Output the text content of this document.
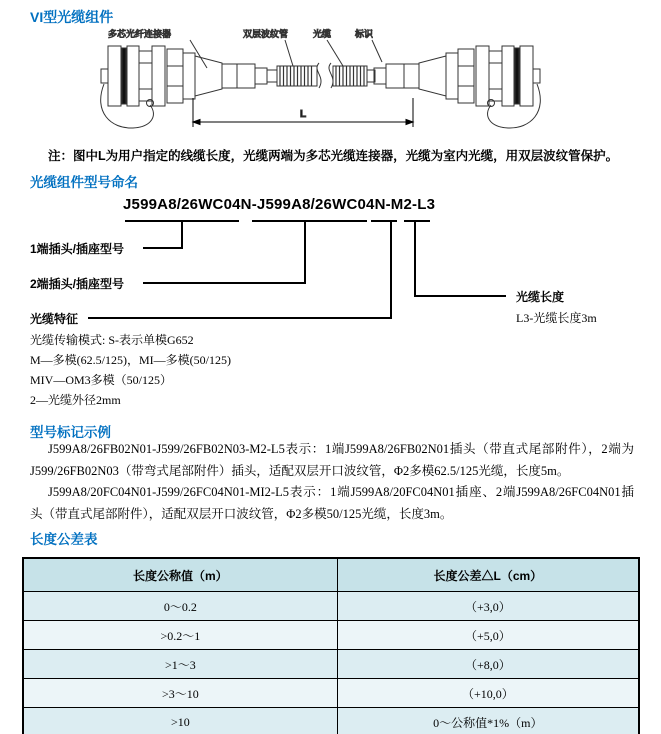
VI型光缆组件
多芯光纤连接器	双层波纹管	光缆	标识
L
注：图中L为用户指定的线缆长度，光缆两端为多芯光缆连接器，光缆为室内光缆，用双层波纹管保护。
光缆组件型号命名
J599A8/26WC04N-J599A8/26WC04N-M2-L3
1端插头/插座型号
2端插头/插座型号
光缆特征
光缆长度
L3-光缆长度3m
光缆传输模式: S-表示单模G652
M—多模(62.5/125)，MI—多模(50/125)
MIV—OM3多模（50/125）
2—光缆外径2mm
型号标记示例

J599A8/26FB02N01-J599/26FB02N03-M2-L5表示：1端J599A8/26FB02N01插头（带直式尾部附件），2端为J599/26FB02N03（带弯式尾部附件）插头，适配双层开口波纹管，Φ2多模62.5/125光缆，长度5m。

J599A8/20FC04N01-J599/26FC04N01-MI2-L5表示：1端J599A8/20FC04N01插座、2端J599A8/26FC04N01插头（带直式尾部附件），适配双层开口波纹管，Φ2多模50/125光缆，长度3m。

长度公差表
长度公称值（m）	长度公差△L（cm）
0～0.2	（+3,0）
>0.2～1	（+5,0）
>1～3	（+8,0）
>3～10	（+10,0）
>10	0～公称值*1%（m）
